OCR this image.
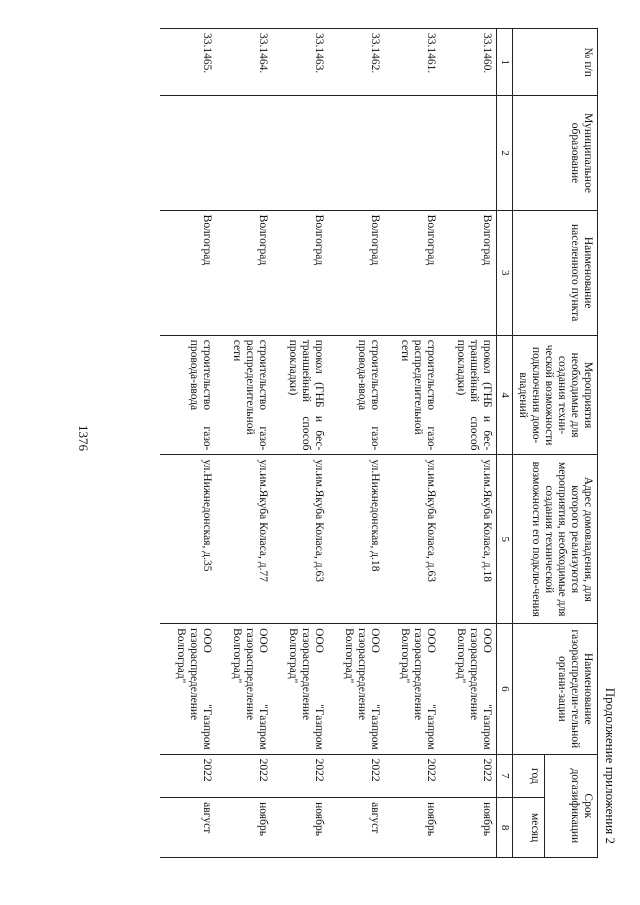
1376
Продолжение приложения 2
№ п/п	Муниципальное образование	Наименование населенного пункта	Мероприятия необходимые для создания техни-ческой возможности подключения домо-владений	Адрес домовладения, для которого реализуются мероприятия, необходимые для создания технической возможности его подклю-чения	Наименование газораспредели-тельной органи-зации	Срок догазификации	
						год	месяц
1	2	3	4	5	6	7	8
33.1460.		Волгоград	прокол (ГНБ и бес-траншейный способ прокладки)	ул.им.Якуба Коласа, д.18	ООО "Газпром газораспределение Волгоград"	2022	ноябрь
33.1461.		Волгоград	строительство газо-распределительной сети	ул.им.Якуба Коласа, д.63	ООО "Газпром газораспределение Волгоград"	2022	ноябрь
33.1462.		Волгоград	строительство газо-провода-ввода	ул.Нижнедонская, д.18	ООО "Газпром газораспределение Волгоград"	2022	август
33.1463.		Волгоград	прокол (ГНБ и бес-траншейный способ прокладки)	ул.им.Якуба Коласа, д.63	ООО "Газпром газораспределение Волгоград"	2022	ноябрь
33.1464.		Волгоград	строительство газо-распределительной сети	ул.им.Якуба Коласа, д.77	ООО "Газпром газораспределение Волгоград"	2022	ноябрь
33.1465.		Волгоград	строительство газо-провода-ввода	ул.Нижнедонская, д.35	ООО "Газпром газораспределение Волгоград"	2022	август
